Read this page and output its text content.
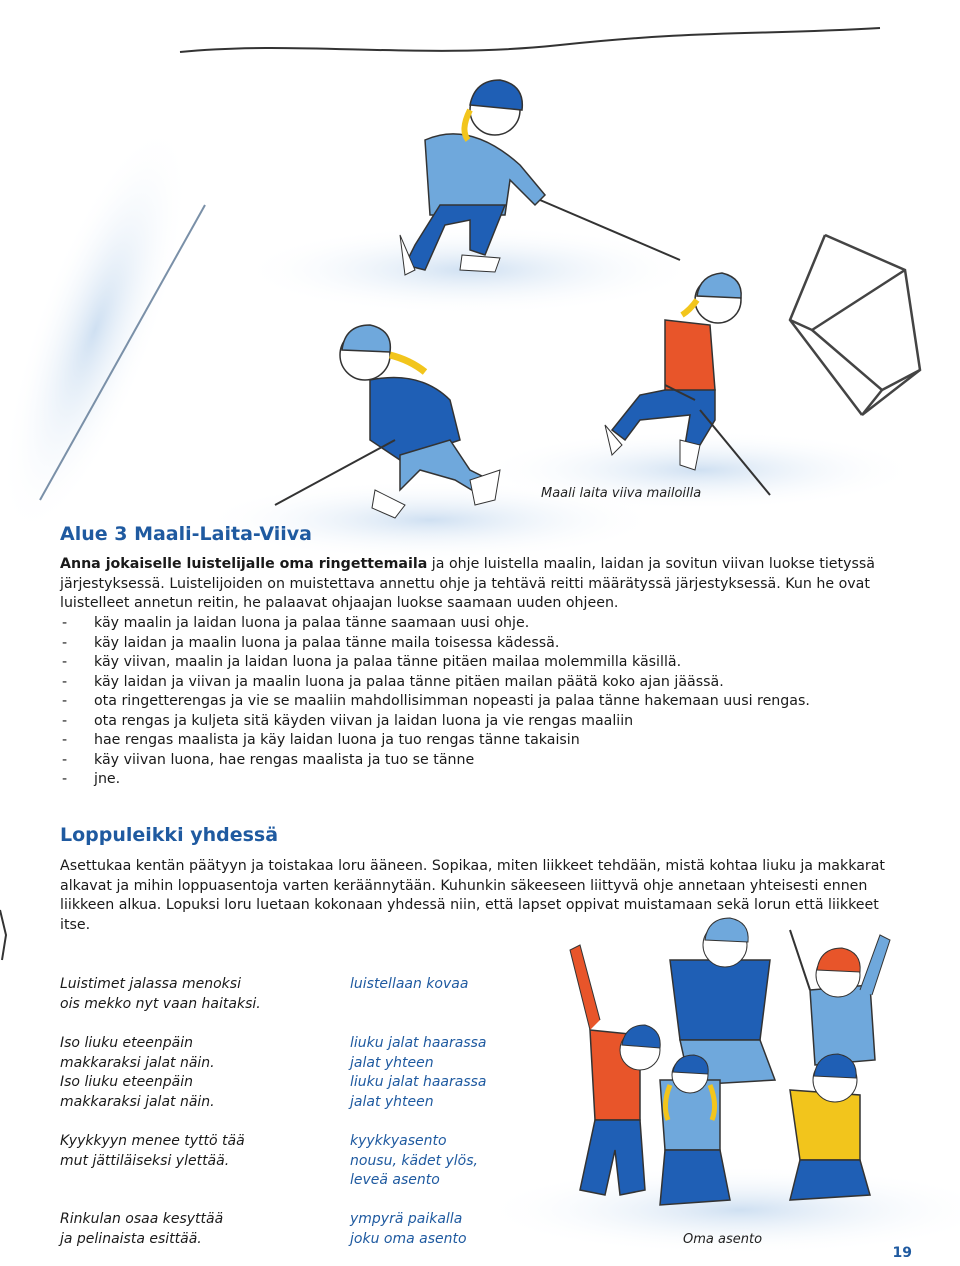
Maali laita viiva mailoilla
Alue 3 Maali-Laita-Viiva

Anna jokaiselle luistelijalle oma ringettemaila ja ohje luistella maalin, laidan ja sovitun viivan luokse tietyssä järjestyksessä. Luistelijoiden on muistettava annettu ohje ja tehtävä reitti määrätyssä järjestyksessä. Kun he ovat luistelleet annetun reitin, he palaavat ohjaajan luokse saamaan uuden ohjeen.

- käy maalin ja laidan luona ja palaa tänne saamaan uusi ohje.
- käy laidan ja maalin luona ja palaa tänne maila toisessa kädessä.
- käy viivan, maalin ja laidan luona ja palaa tänne pitäen mailaa molemmilla käsillä.
- käy laidan ja viivan ja maalin luona ja palaa tänne pitäen mailan päätä koko ajan jäässä.
- ota ringetterengas ja vie se maaliin mahdollisimman nopeasti ja palaa tänne hakemaan uusi rengas.
- ota rengas ja kuljeta sitä käyden viivan ja laidan luona ja vie rengas maaliin
- hae rengas maalista ja käy laidan luona ja tuo rengas tänne takaisin
- käy viivan luona, hae rengas maalista ja tuo se tänne
- jne.
Loppuleikki yhdessä

Asettukaa kentän päätyyn ja toistakaa loru ääneen. Sopikaa, miten liikkeet tehdään, mistä kohtaa liuku ja makkarat alkavat ja mihin loppuasentoja varten keräännytään. Kuhunkin säkeeseen liittyvä ohje annetaan yhteisesti ennen liikkeen alkua. Lopuksi loru luetaan kokonaan yhdessä niin, että lapset oppivat muistamaan sekä lorun että liikkeet itse.

Luistimet jalassa menoksi
ois mekko nyt vaan haitaksi.
luistellaan kovaa
Iso liuku eteenpäin
makkaraksi jalat näin.
Iso liuku eteenpäin
makkaraksi jalat näin.
liuku jalat haarassa
jalat yhteen
liuku jalat haarassa
jalat yhteen
Kyykkyyn menee tyttö tää
mut jättiläiseksi ylettää.
kyykkyasento
nousu, kädet ylös,
leveä asento
Rinkulan osaa kesyttää
ja pelinaista esittää.
ympyrä paikalla
joku oma asento	Oma asento
19
